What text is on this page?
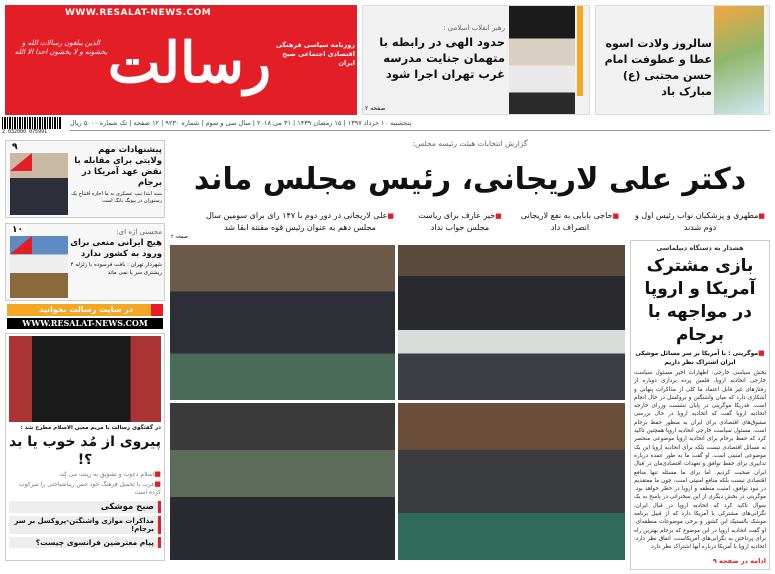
WWW.RESALAT-NEWS.COM
الذین یبلغون رسالات الله و یخشونه و لا یخشون احدا الا الله رسالت روزنامه سیاسی فرهنگی اقتصادی اجتماعی صبح ایران
رهبر انقلاب اسلامی :
حدود الهی در رابطه با متهمان جنایت مدرسه غرب تهران اجرا شود
صفحه ۲
سالروز ولادت اسوه عطا و عطوفت امام حسن مجتبی (ع) مبارک باد
2 032000 075991
پنجشنبه ۱۰ خرداد ۱۳۹۷ | ۱۵ رمضان ۱۴۳۹ | ۳۱ می ۲۰۱۸ | سال سی و سوم | شماره ۹۲۳۰ | ۱۲ صفحه | تک شماره ۵۰۰۰ ریال
۹	پیشنهادات مهم ولایتی برای مقابله با نقض عهد آمریکا در برجام
سید ابتدا تیپ عسکری به ما اجازه افتتاح یک رستوران در پیونگ یانگ است
۱۰	محسنی اژه ای:
هیچ ایرانی منعی برای ورود به کشور ندارد
شهردار تهران : بافت فرسوده با زلزله ۴ ریشتری سر پا نمی ماند
در سایت رسالت بخوانید
WWW.RESALAT-NEWS.COM
در گفتگوی رسالت با مریم معین الاسلام مطرح شد :
پیروی از مُد خوب یا بد ؟!
■اسلام دعوت و تشویق به زینت می کند
■غرب با تحمیل فرهنگ خود حس زیباشناختی را سرکوب کرده است
صبح موشکی
مذاکرات موازی واشنگتن-پروکسل بر سر برجام!
پیام معترضین فرانسوی چیست؟
گزارش انتخابات هیئت رئیسه مجلس:
دکتر علی لاریجانی، رئیس مجلس ماند
■مطهری و پزشکیان نواب رئیس اول و دوم شدند
■حاجی بابایی به نفع لاریجانی انصراف داد
■خیز عارف برای ریاست مجلس جواب نداد
■علی لاریجانی در دور دوم با ۱۴۷ رای برای سومین سال مجلس دهم به عنوان رئیس قوه مقننه ابقا شد
صفحه ۲
هشدار به دستگاه دیپلماسی
بازی مشترک آمریکا و اروپا در مواجهه با برجام
■موگرینی : با آمریکا بر سر مسائل موشکی ایران اشتراک نظر داریم
بخش سیاسی خارجی: اظهارات اخیر مسئول سیاست خارجی اتحادیه اروپا، قلمین پرده برداری دوباره از رفتارهای غیر قابل اعتماد ما کلی از مذاکرات پنهانی و آشکاری دارد که میان واشنگتن و بروکسل در حال انجام است. فدریکا موگرینی در پایان نشست وزرای خارجه اتحادیه اروپا گفت که اتحادیه اروپا در حال بررسی مشوق‌های اقتصادی برای ایران به منظور حفظ برجام است. مسئول سیاست خارجی اتحادیه اروپا همچنین تاکید کرد که حفظ برجام برای اتحادیه اروپا موضوعی منحصر به مسائل اقتصادی نیست بلکه برای اتحادیه اروپا این یک موضوعی امنیتی است. او گفت ما به طور عمده درباره تدابیری برای حفظ توافق و تعهدات اقتصادی‌مان در قبال ایران صحبت کردیم. اما برای ما مسئله تنها منافع اقتصادی نیست بلکه منافع امنیتی است، چون ما معتقدیم در نبود توافق، امنیت منطقه و اروپا در خطر خواهد بود. موگرینی در بخش دیگری از این سخنرانی در پاسخ به یک سوال تاکید کرد که اتحادیه اروپا در قبال ایران، نگرانی‌های مشترکی با آمریکا دارد که از قبیل برنامه موشک بالستیک این کشور و برخی موضوعات منطقه‌ای. او گفت اتحادیه اروپا در این موضوع که برجام بهترین راه برای پرداختن به نگرانی‌های آمریکاست، اتفاق نظر دارد. اتحادیه اروپا با آمریکا درباره آنها اشتراک نظر دارد.
ادامه در صفحه ۹
